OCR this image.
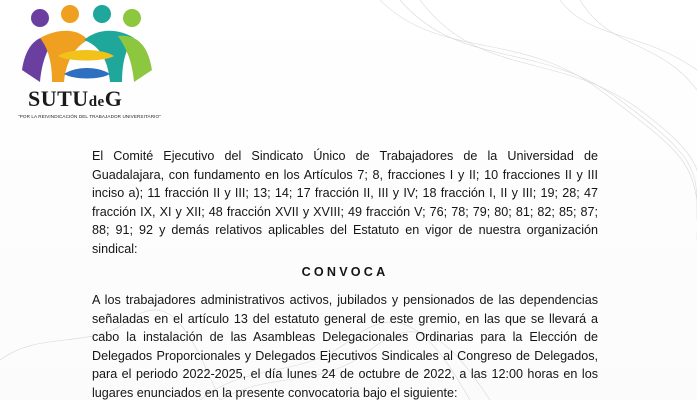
SUTUdeG
"POR LA REIVINDICACIÓN DEL TRABAJADOR UNIVERSITARIO"
El Comité Ejecutivo del Sindicato Único de Trabajadores de la Universidad de Guadalajara, con fundamento en los Artículos 7; 8, fracciones I y II; 10 fracciones II y III inciso a); 11 fracción II y III; 13; 14; 17 fracción II, III y IV; 18 fracción I, II y III; 19; 28; 47 fracción IX, XI y XII; 48 fracción XVII y XVIII; 49 fracción V; 76; 78; 79; 80; 81; 82; 85; 87; 88; 91; 92 y demás relativos aplicables del Estatuto en vigor de nuestra organización sindical:
CONVOCA
A los trabajadores administrativos activos, jubilados y pensionados de las dependencias señaladas en el artículo 13 del estatuto general de este gremio, en las que se llevará a cabo la instalación de las Asambleas Delegacionales Ordinarias para la Elección de Delegados Proporcionales y Delegados Ejecutivos Sindicales al Congreso de Delegados, para el periodo 2022-2025, el día lunes 24 de octubre de 2022, a las 12:00 horas en los lugares enunciados en la presente convocatoria bajo el siguiente:
